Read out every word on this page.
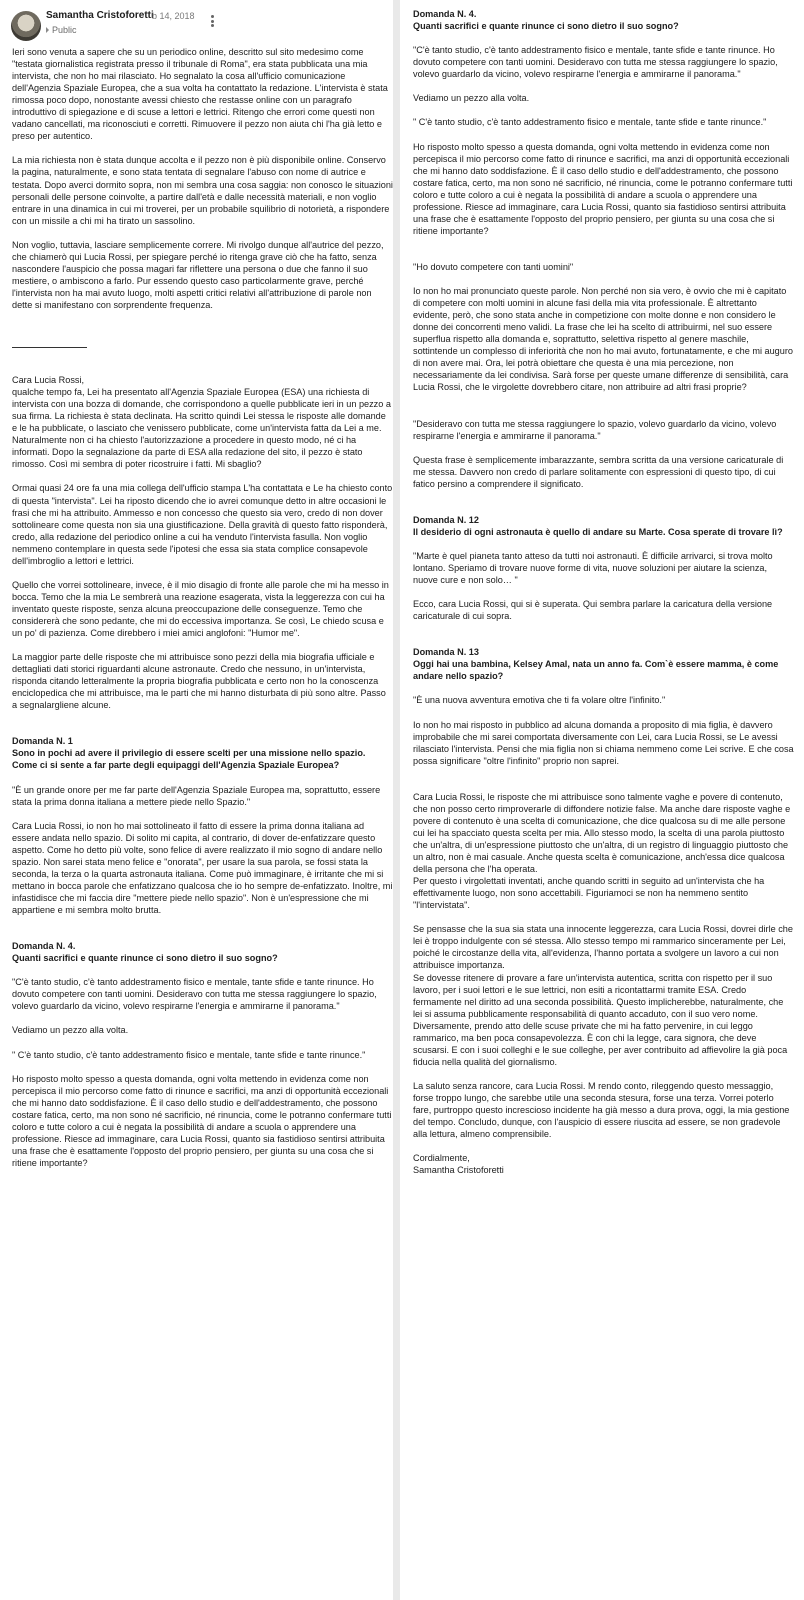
Samantha Cristoforetti
b 14, 2018
Public

Ieri sono venuta a sapere che su un periodico online, descritto sul sito medesimo come "testata giornalistica registrata presso il tribunale di Roma", era stata pubblicata una mia intervista, che non ho mai rilasciato. Ho segnalato la cosa all'ufficio comunicazione dell'Agenzia Spaziale Europea, che a sua volta ha contattato la redazione. L'intervista è stata rimossa poco dopo, nonostante avessi chiesto che restasse online con un paragrafo introduttivo di spiegazione e di scuse a lettori e lettrici. Ritengo che errori come questi non vadano cancellati, ma riconosciuti e corretti. Rimuovere il pezzo non aiuta chi l'ha già letto e preso per autentico.

La mia richiesta non è stata dunque accolta e il pezzo non è più disponibile online. Conservo la pagina, naturalmente, e sono stata tentata di segnalare l'abuso con nome di autrice e testata. Dopo averci dormito sopra, non mi sembra una cosa saggia: non conosco le situazioni personali delle persone coinvolte, a partire dall'età e dalle necessità materiali, e non voglio entrare in una dinamica in cui mi troverei, per un probabile squilibrio di notorietà, a rispondere con un missile a chi mi ha tirato un sassolino.

Non voglio, tuttavia, lasciare semplicemente correre. Mi rivolgo dunque all'autrice del pezzo, che chiamerò qui Lucia Rossi, per spiegare perché io ritenga grave ciò che ha fatto, senza nascondere l'auspicio che possa magari far riflettere una persona o due che fanno il suo mestiere, o ambiscono a farlo. Pur essendo questo caso particolarmente grave, perché l'intervista non ha mai avuto luogo, molti aspetti critici relativi all'attribuzione di parole non dette si manifestano con sorprendente frequenza.

Cara Lucia Rossi,
qualche tempo fa, Lei ha presentato all'Agenzia Spaziale Europea (ESA) una richiesta di intervista con una bozza di domande, che corrispondono a quelle pubblicate ieri in un pezzo a sua firma. La richiesta è stata declinata. Ha scritto quindi Lei stessa le risposte alle domande e le ha pubblicate, o lasciato che venissero pubblicate, come un'intervista fatta da Lei a me. Naturalmente non ci ha chiesto l'autorizzazione a procedere in questo modo, né ci ha informati. Dopo la segnalazione da parte di ESA alla redazione del sito, il pezzo è stato rimosso. Così mi sembra di poter ricostruire i fatti. Mi sbaglio?

Ormai quasi 24 ore fa una mia collega dell'ufficio stampa L'ha contattata e Le ha chiesto conto di questa "intervista". Lei ha riposto dicendo che io avrei comunque detto in altre occasioni le frasi che mi ha attribuito. Ammesso e non concesso che questo sia vero, credo di non dover sottolineare come questa non sia una giustificazione. Della gravità di questo fatto risponderà, credo, alla redazione del periodico online a cui ha venduto l'intervista fasulla. Non voglio nemmeno contemplare in questa sede l'ipotesi che essa sia stata complice consapevole dell'imbroglio a lettori e lettrici.

Quello che vorrei sottolineare, invece, è il mio disagio di fronte alle parole che mi ha messo in bocca. Temo che la mia Le sembrerà una reazione esagerata, vista la leggerezza con cui ha inventato queste risposte, senza alcuna preoccupazione delle conseguenze. Temo che considererà che sono pedante, che mi do eccessiva importanza. Se così, Le chiedo scusa e un po' di pazienza. Come direbbero i miei amici anglofoni: "Humor me".

La maggior parte delle risposte che mi attribuisce sono pezzi della mia biografia ufficiale e dettagliati dati storici riguardanti alcune astronaute. Credo che nessuno, in un'intervista, risponda citando letteralmente la propria biografia pubblicata e certo non ho la conoscenza enciclopedica che mi attribuisce, ma le parti che mi hanno disturbata di più sono altre. Passo a segnalargliene alcune.

Domanda N. 1
Sono in pochi ad avere il privilegio di essere scelti per una missione nello spazio. Come ci si sente a far parte degli equipaggi dell'Agenzia Spaziale Europea?

"È un grande onore per me far parte dell'Agenzia Spaziale Europea ma, soprattutto, essere stata la prima donna italiana a mettere piede nello Spazio."

Cara Lucia Rossi, io non ho mai sottolineato il fatto di essere la prima donna italiana ad essere andata nello spazio. Di solito mi capita, al contrario, di dover de-enfatizzare questo aspetto. Come ho detto più volte, sono felice di avere realizzato il mio sogno di andare nello spazio. Non sarei stata meno felice e "onorata", per usare la sua parola, se fossi stata la seconda, la terza o la quarta astronauta italiana. Come può immaginare, è irritante che mi si mettano in bocca parole che enfatizzano qualcosa che io ho sempre de-enfatizzato. Inoltre, mi infastidisce che mi faccia dire "mettere piede nello spazio". Non è un'espressione che mi appartiene e mi sembra molto brutta.

Domanda N. 4.
Quanti sacrifici e quante rinunce ci sono dietro il suo sogno?

"C'è tanto studio, c'è tanto addestramento fisico e mentale, tante sfide e tante rinunce. Ho dovuto competere con tanti uomini. Desideravo con tutta me stessa raggiungere lo spazio, volevo guardarlo da vicino, volevo respirarne l'energia e ammirarne il panorama."

Vediamo un pezzo alla volta.

" C'è tanto studio, c'è tanto addestramento fisico e mentale, tante sfide e tante rinunce."

Ho risposto molto spesso a questa domanda, ogni volta mettendo in evidenza come non percepisca il mio percorso come fatto di rinunce e sacrifici, ma anzi di opportunità eccezionali che mi hanno dato soddisfazione. È il caso dello studio e dell'addestramento, che possono costare fatica, certo, ma non sono né sacrificio, né rinuncia, come le potranno confermare tutti coloro e tutte coloro a cui è negata la possibilità di andare a scuola o apprendere una professione. Riesce ad immaginare, cara Lucia Rossi, quanto sia fastidioso sentirsi attribuita una frase che è esattamente l'opposto del proprio pensiero, per giunta su una cosa che si ritiene importante?

Domanda N. 4.
Quanti sacrifici e quante rinunce ci sono dietro il suo sogno?

"C'è tanto studio, c'è tanto addestramento fisico e mentale, tante sfide e tante rinunce. Ho dovuto competere con tanti uomini. Desideravo con tutta me stessa raggiungere lo spazio, volevo guardarlo da vicino, volevo respirarne l'energia e ammirarne il panorama."

Vediamo un pezzo alla volta.

" C'è tanto studio, c'è tanto addestramento fisico e mentale, tante sfide e tante rinunce."

Ho risposto molto spesso a questa domanda, ogni volta mettendo in evidenza come non percepisca il mio percorso come fatto di rinunce e sacrifici, ma anzi di opportunità eccezionali che mi hanno dato soddisfazione. È il caso dello studio e dell'addestramento, che possono costare fatica, certo, ma non sono né sacrificio, né rinuncia, come le potranno confermare tutti coloro e tutte coloro a cui è negata la possibilità di andare a scuola o apprendere una professione. Riesce ad immaginare, cara Lucia Rossi, quanto sia fastidioso sentirsi attribuita una frase che è esattamente l'opposto del proprio pensiero, per giunta su una cosa che si ritiene importante?

"Ho dovuto competere con tanti uomini"

Io non ho mai pronunciato queste parole. Non perché non sia vero, è ovvio che mi è capitato di competere con molti uomini in alcune fasi della mia vita professionale. È altrettanto evidente, però, che sono stata anche in competizione con molte donne e non considero le donne dei concorrenti meno validi. La frase che lei ha scelto di attribuirmi, nel suo essere superflua rispetto alla domanda e, soprattutto, selettiva rispetto al genere maschile, sottintende un complesso di inferiorità che non ho mai avuto, fortunatamente, e che mi auguro di non avere mai. Ora, lei potrà obiettare che questa è una mia percezione, non necessariamente da lei condivisa. Sarà forse per queste umane differenze di sensibilità, cara Lucia Rossi, che le virgolette dovrebbero citare, non attribuire ad altri frasi proprie?

"Desideravo con tutta me stessa raggiungere lo spazio, volevo guardarlo da vicino, volevo respirarne l'energia e ammirarne il panorama."

Questa frase è semplicemente imbarazzante, sembra scritta da una versione caricaturale di me stessa. Davvero non credo di parlare solitamente con espressioni di questo tipo, di cui fatico persino a comprendere il significato.

Domanda N. 12
Il desiderio di ogni astronauta è quello di andare su Marte. Cosa sperate di trovare lì?

"Marte è quel pianeta tanto atteso da tutti noi astronauti. È difficile arrivarci, si trova molto lontano. Speriamo di trovare nuove forme di vita, nuove soluzioni per aiutare la scienza, nuove cure e non solo… "

Ecco, cara Lucia Rossi, qui si è superata. Qui sembra parlare la caricatura della versione caricaturale di cui sopra.

Domanda N. 13
Oggi hai una bambina, Kelsey Amal, nata un anno fa. Com`è essere mamma, è come andare nello spazio?

"È una nuova avventura emotiva che ti fa volare oltre l'infinito."

Io non ho mai risposto in pubblico ad alcuna domanda a proposito di mia figlia, è davvero improbabile che mi sarei comportata diversamente con Lei, cara Lucia Rossi, se Le avessi rilasciato l'intervista. Pensi che mia figlia non si chiama nemmeno come Lei scrive. E che cosa possa significare "oltre l'infinito" proprio non saprei.

Cara Lucia Rossi, le risposte che mi attribuisce sono talmente vaghe e povere di contenuto, che non posso certo rimproverarle di diffondere notizie false. Ma anche dare risposte vaghe e povere di contenuto è una scelta di comunicazione, che dice qualcosa su di me alle persone cui lei ha spacciato questa scelta per mia. Allo stesso modo, la scelta di una parola piuttosto che un'altra, di un'espressione piuttosto che un'altra, di un registro di linguaggio piuttosto che un altro, non è mai casuale. Anche questa scelta è comunicazione, anch'essa dice qualcosa della persona che l'ha operata.
Per questo i virgolettati inventati, anche quando scritti in seguito ad un'intervista che ha effettivamente luogo, non sono accettabili. Figuriamoci se non ha nemmeno sentito "l'intervistata".

Se pensasse che la sua sia stata una innocente leggerezza, cara Lucia Rossi, dovrei dirle che lei è troppo indulgente con sé stessa. Allo stesso tempo mi rammarico sinceramente per Lei, poiché le circostanze della vita, all'evidenza, l'hanno portata a svolgere un lavoro a cui non attribuisce importanza.
Se dovesse ritenere di provare a fare un'intervista autentica, scritta con rispetto per il suo lavoro, per i suoi lettori e le sue lettrici, non esiti a ricontattarmi tramite ESA. Credo fermamente nel diritto ad una seconda possibilità. Questo implicherebbe, naturalmente, che lei si assuma pubblicamente responsabilità di quanto accaduto, con il suo vero nome. Diversamente, prendo atto delle scuse private che mi ha fatto pervenire, in cui leggo rammarico, ma ben poca consapevolezza. È con chi la legge, cara signora, che deve scusarsi. E con i suoi colleghi e le sue colleghe, per aver contribuito ad affievolire la già poca fiducia nella qualità del giornalismo.

La saluto senza rancore, cara Lucia Rossi. M rendo conto, rileggendo questo messaggio, forse troppo lungo, che sarebbe utile una seconda stesura, forse una terza. Vorrei poterlo fare, purtroppo questo increscioso incidente ha già messo a dura prova, oggi, la mia gestione del tempo. Concludo, dunque, con l'auspicio di essere riuscita ad essere, se non gradevole alla lettura, almeno comprensibile.

Cordialmente,
Samantha Cristoforetti
